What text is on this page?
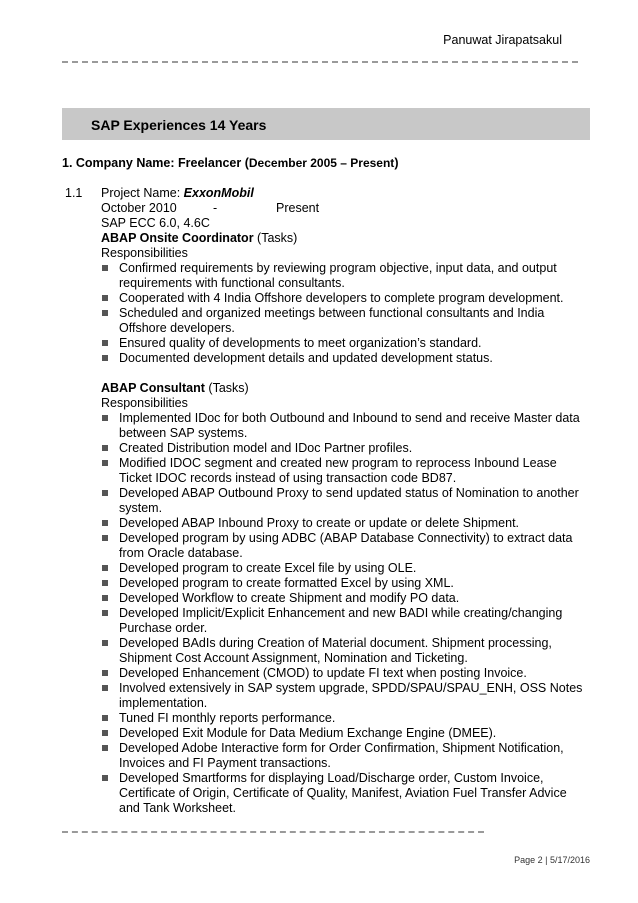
Panuwat Jirapatsakul
SAP Experiences 14 Years
1. Company Name: Freelancer (December 2005 – Present)
1.1 Project Name: ExxonMobil
October 2010	-	Present
SAP ECC 6.0, 4.6C
ABAP Onsite Coordinator (Tasks)
Responsibilities
Confirmed requirements by reviewing program objective, input data, and output requirements with functional consultants.
Cooperated with 4 India Offshore developers to complete program development.
Scheduled and organized meetings between functional consultants and India Offshore developers.
Ensured quality of developments to meet organization’s standard.
Documented development details and updated development status.
ABAP Consultant (Tasks)
Responsibilities
Implemented IDoc for both Outbound and Inbound to send and receive Master data between SAP systems.
Created Distribution model and IDoc Partner profiles.
Modified IDOC segment and created new program to reprocess Inbound Lease Ticket IDOC records instead of using transaction code BD87.
Developed ABAP Outbound Proxy to send updated status of Nomination to another system.
Developed ABAP Inbound Proxy to create or update or delete Shipment.
Developed program by using ADBC (ABAP Database Connectivity) to extract data from Oracle database.
Developed program to create Excel file by using OLE.
Developed program to create formatted Excel by using XML.
Developed Workflow to create Shipment and modify PO data.
Developed Implicit/Explicit Enhancement and new BADI while creating/changing Purchase order.
Developed BAdIs during Creation of Material document. Shipment processing, Shipment Cost Account Assignment, Nomination and Ticketing.
Developed Enhancement (CMOD) to update FI text when posting Invoice.
Involved extensively in SAP system upgrade, SPDD/SPAU/SPAU_ENH, OSS Notes implementation.
Tuned FI monthly reports performance.
Developed Exit Module for Data Medium Exchange Engine (DMEE).
Developed Adobe Interactive form for Order Confirmation, Shipment Notification, Invoices and FI Payment transactions.
Developed Smartforms for displaying Load/Discharge order, Custom Invoice, Certificate of Origin, Certificate of Quality, Manifest, Aviation Fuel Transfer Advice and Tank Worksheet.
Page 2 | 5/17/2016
